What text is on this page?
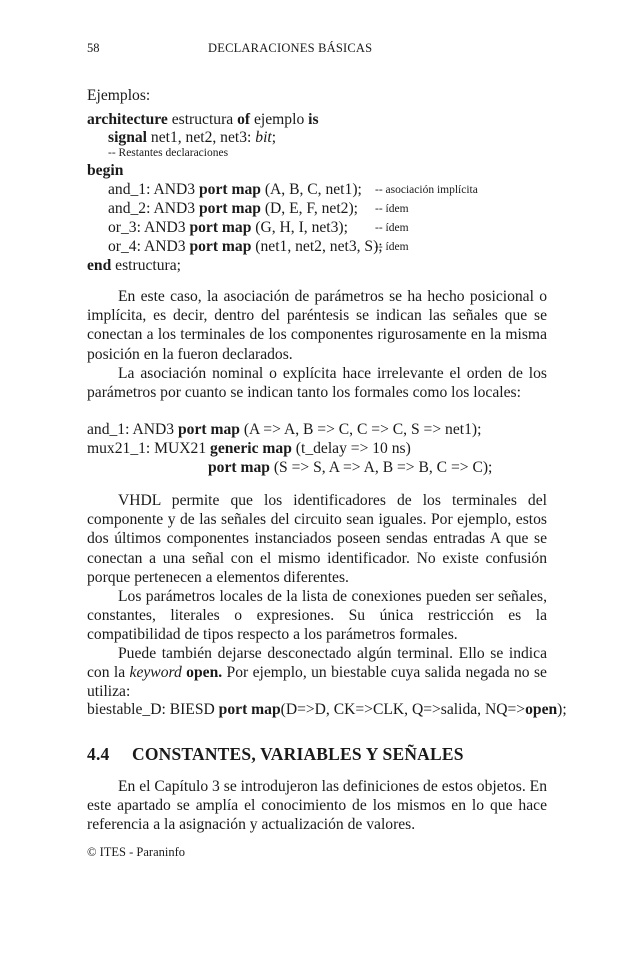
58	DECLARACIONES BÁSICAS
Ejemplos:
architecture estructura of ejemplo is
signal net1, net2, net3: bit;
-- Restantes declaraciones
begin
and_1: AND3 port map (A, B, C, net1); -- asociación implícita
and_2: AND3 port map (D, E, F, net2); -- ídem
or_3: AND3 port map (G, H, I, net3); -- ídem
or_4: AND3 port map (net1, net2, net3, S);
-- ídem
end estructura;

En este caso, la asociación de parámetros se ha hecho posicional o implícita, es decir, dentro del paréntesis se indican las señales que se conectan a los terminales de los componentes rigurosamente en la misma posición en la fueron declarados.

La asociación nominal o explícita hace irrelevante el orden de los parámetros por cuanto se indican tanto los formales como los locales:

and_1: AND3 port map (A => A, B => C, C => C, S => net1);
mux21_1: MUX21 generic map (t_delay => 10 ns)
port map (S => S, A => A, B => B, C => C);

VHDL permite que los identificadores de los terminales del componente y de las señales del circuito sean iguales. Por ejemplo, estos dos últimos componentes instanciados poseen sendas entradas A que se conectan a una señal con el mismo identificador. No existe confusión porque pertenecen a elementos diferentes.

Los parámetros locales de la lista de conexiones pueden ser señales, constantes, literales o expresiones. Su única restricción es la compatibilidad de tipos respecto a los parámetros formales.

Puede también dejarse desconectado algún terminal. Ello se indica con la keyword open. Por ejemplo, un biestable cuya salida negada no se utiliza:

biestable_D: BIESD port map(D=>D, CK=>CLK, Q=>salida, NQ=>open);
4.4 CONSTANTES, VARIABLES Y SEÑALES

En el Capítulo 3 se introdujeron las definiciones de estos objetos. En este apartado se amplía el conocimiento de los mismos en lo que hace referencia a la asignación y actualización de valores.

© ITES - Paraninfo
